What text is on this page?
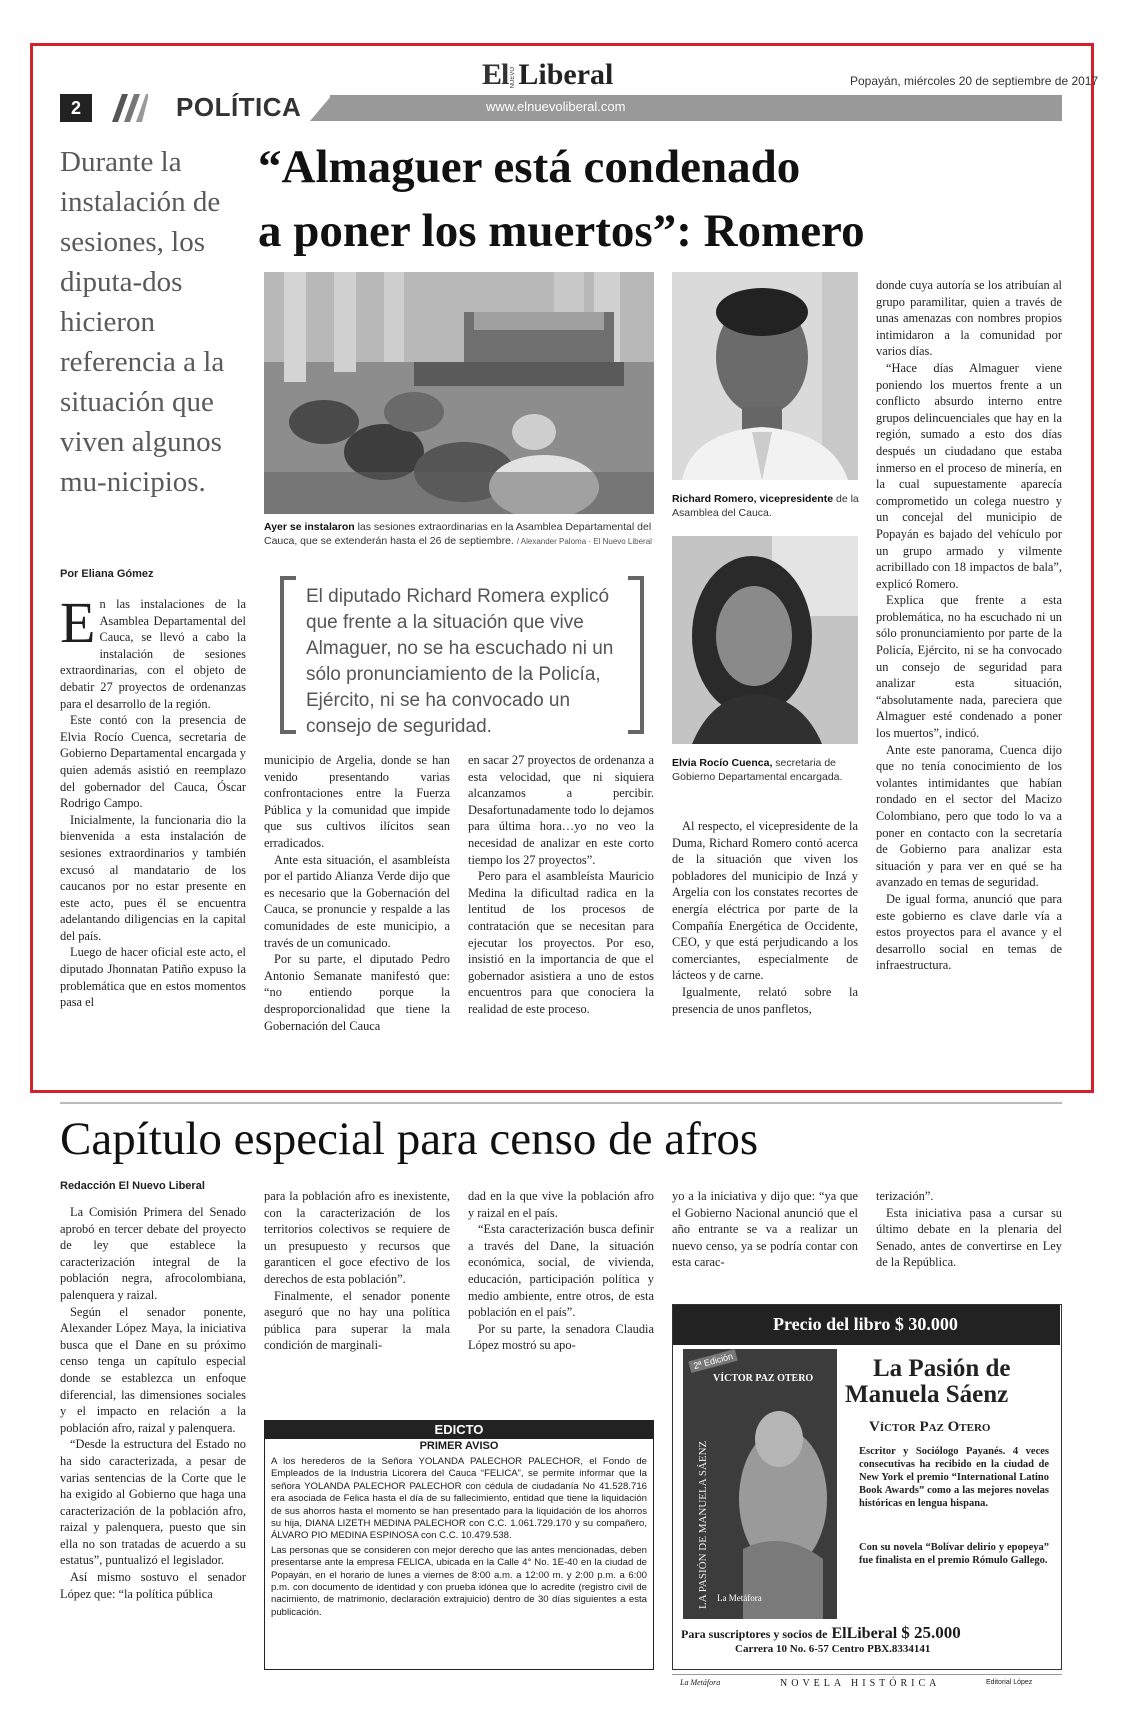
El NUEVO Liberal	Popayán, miércoles 20 de septiembre de 2017
2	POLÍTICA	www.elnuevoliberal.com
Durante la instalación de sesiones, los diputa-dos hicieron referencia a la situación que viven algunos mu-nicipios.
“Almaguer está condenado
a poner los muertos”: Romero
Ayer se instalaron las sesiones extraordinarias en la Asamblea Departamental del Cauca, que se extenderán hasta el 26 de septiembre. / Alexander Paloma · El Nuevo Liberal
Richard Romero, vicepresidente de la Asamblea del Cauca.
Elvia Rocío Cuenca, secretaria de Gobierno Departamental encargada.
El diputado Richard Romera explicó que frente a la situación que vive Almaguer, no se ha escuchado ni un sólo pronunciamiento de la Policía, Ejército, ni se ha convocado un consejo de seguridad.
Por Eliana Gómez

En las instalaciones de la Asamblea Departamental del Cauca, se llevó a cabo la instalación de sesiones extraordinarias, con el objeto de debatir 27 proyectos de ordenanzas para el desarrollo de la región.

Este contó con la presencia de Elvia Rocío Cuenca, secretaria de Gobierno Departamental encargada y quien además asistió en reemplazo del gobernador del Cauca, Óscar Rodrigo Campo.

Inicialmente, la funcionaria dio la bienvenida a esta instalación de sesiones extraordinarios y también excusó al mandatario de los caucanos por no estar presente en este acto, pues él se encuentra adelantando diligencias en la capital del país.

Luego de hacer oficial este acto, el diputado Jhonnatan Patiño expuso la problemática que en estos momentos pasa el

municipio de Argelia, donde se han venido presentando varias confrontaciones entre la Fuerza Pública y la comunidad que impide que sus cultivos ilícitos sean erradicados.

Ante esta situación, el asambleísta por el partido Alianza Verde dijo que es necesario que la Gobernación del Cauca, se pronuncie y respalde a las comunidades de este municipio, a través de un comunicado.

Por su parte, el diputado Pedro Antonio Semanate manifestó que: “no entiendo porque la desproporcionalidad que tiene la Gobernación del Cauca

en sacar 27 proyectos de ordenanza a esta velocidad, que ni siquiera alcanzamos a percibir. Desafortunadamente todo lo dejamos para última hora…yo no veo la necesidad de analizar en este corto tiempo los 27 proyectos”.

Pero para el asambleísta Mauricio Medina la dificultad radica en la lentitud de los procesos de contratación que se necesitan para ejecutar los proyectos. Por eso, insistió en la importancia de que el gobernador asistiera a uno de estos encuentros para que conociera la realidad de este proceso.

Al respecto, el vicepresidente de la Duma, Richard Romero contó acerca de la situación que viven los pobladores del municipio de Inzá y Argelia con los constates recortes de energía eléctrica por parte de la Compañía Energética de Occidente, CEO, y que está perjudicando a los comerciantes, especialmente de lácteos y de carne.

Igualmente, relató sobre la presencia de unos panfletos,

donde cuya autoría se los atribuían al grupo paramilitar, quien a través de unas amenazas con nombres propios intimidaron a la comunidad por varios días.

“Hace días Almaguer viene poniendo los muertos frente a un conflicto absurdo interno entre grupos delincuenciales que hay en la región, sumado a esto dos días después un ciudadano que estaba inmerso en el proceso de minería, en la cual supuestamente aparecía comprometido un colega nuestro y un concejal del municipio de Popayán es bajado del vehículo por un grupo armado y vilmente acribillado con 18 impactos de bala”, explicó Romero.

Explica que frente a esta problemática, no ha escuchado ni un sólo pronunciamiento por parte de la Policía, Ejército, ni se ha convocado un consejo de seguridad para analizar esta situación, “absolutamente nada, pareciera que Almaguer esté condenado a poner los muertos”, indicó.

Ante este panorama, Cuenca dijo que no tenía conocimiento de los volantes intimidantes que habían rondado en el sector del Macizo Colombiano, pero que todo lo va a poner en contacto con la secretaría de Gobierno para analizar esta situación y para ver en qué se ha avanzado en temas de seguridad.

De igual forma, anunció que para este gobierno es clave darle vía a estos proyectos para el avance y el desarrollo social en temas de infraestructura.

Capítulo especial para censo de afros
Redacción El Nuevo Liberal

La Comisión Primera del Senado aprobó en tercer debate del proyecto de ley que establece la caracterización integral de la población negra, afrocolombiana, palenquera y raizal.

Según el senador ponente, Alexander López Maya, la iniciativa busca que el Dane en su próximo censo tenga un capítulo especial donde se establezca un enfoque diferencial, las dimensiones sociales y el impacto en relación a la población afro, raizal y palenquera.

“Desde la estructura del Estado no ha sido caracterizada, a pesar de varias sentencias de la Corte que le ha exigido al Gobierno que haga una caracterización de la población afro, raizal y palenquera, puesto que sin ella no son tratadas de acuerdo a su estatus”, puntualizó el legislador.

Así mismo sostuvo el senador López que: “la política pública

para la población afro es inexistente, con la caracterización de los territorios colectivos se requiere de un presupuesto y recursos que garanticen el goce efectivo de los derechos de esta población”.

Finalmente, el senador ponente aseguró que no hay una política pública para superar la mala condición de marginali-

dad en la que vive la población afro y raizal en el país.

“Esta caracterización busca definir a través del Dane, la situación económica, social, de vivienda, educación, participación política y medio ambiente, entre otros, de esta población en el país”.

Por su parte, la senadora Claudia López mostró su apo-

yo a la iniciativa y dijo que: “ya que el Gobierno Nacional anunció que el año entrante se va a realizar un nuevo censo, ya se podría contar con esta carac-

terización”.

Esta iniciativa pasa a cursar su último debate en la plenaria del Senado, antes de convertirse en Ley de la República.

EDICTO
PRIMER AVISO
A los herederos de la Señora YOLANDA PALECHOR PALECHOR, el Fondo de Empleados de la Industria Licorera del Cauca “FELICA”, se permite informar que la señora YOLANDA PALECHOR PALECHOR con cédula de ciudadanía No 41.528.716 era asociada de Felica hasta el día de su fallecimiento, entidad que tiene la liquidación de sus ahorros hasta el momento se han presentado para la liquidación de los ahorros su hija, DIANA LIZETH MEDINA PALECHOR con C.C. 1.061.729.170 y su compañero, ÁLVARO PIO MEDINA ESPINOSA con C.C. 10.479.538.
Las personas que se consideren con mejor derecho que las antes mencionadas, deben presentarse ante la empresa FELICA, ubicada en la Calle 4° No. 1E-40 en la ciudad de Popayán, en el horario de lunes a viernes de 8:00 a.m. a 12:00 m. y 2:00 p.m. a 6:00 p.m. con documento de identidad y con prueba idónea que lo acredite (registro civil de nacimiento, de matrimonio, declaración extrajuicio) dentro de 30 días siguientes a esta publicación.
Precio del libro $ 30.000
2ª Edición
VÍCTOR PAZ OTERO
LA PASIÓN DE MANUELA SÁENZ La Metáfora
La Pasión de
Manuela Sáenz
Víctor Paz Otero
Escritor y Sociólogo Payanés. 4 veces consecutivas ha recibido en la ciudad de New York el premio “International Latino Book Awards” como a las mejores novelas históricas en lengua hispana.
Con su novela “Bolívar delirio y epopeya” fue finalista en el premio Rómulo Gallego.
Para suscriptores y socios de ElLiberal $ 25.000
Carrera 10 No. 6-57 Centro PBX.8334141
La Metáfora	NOVELA HISTÓRICA	Editorial López
